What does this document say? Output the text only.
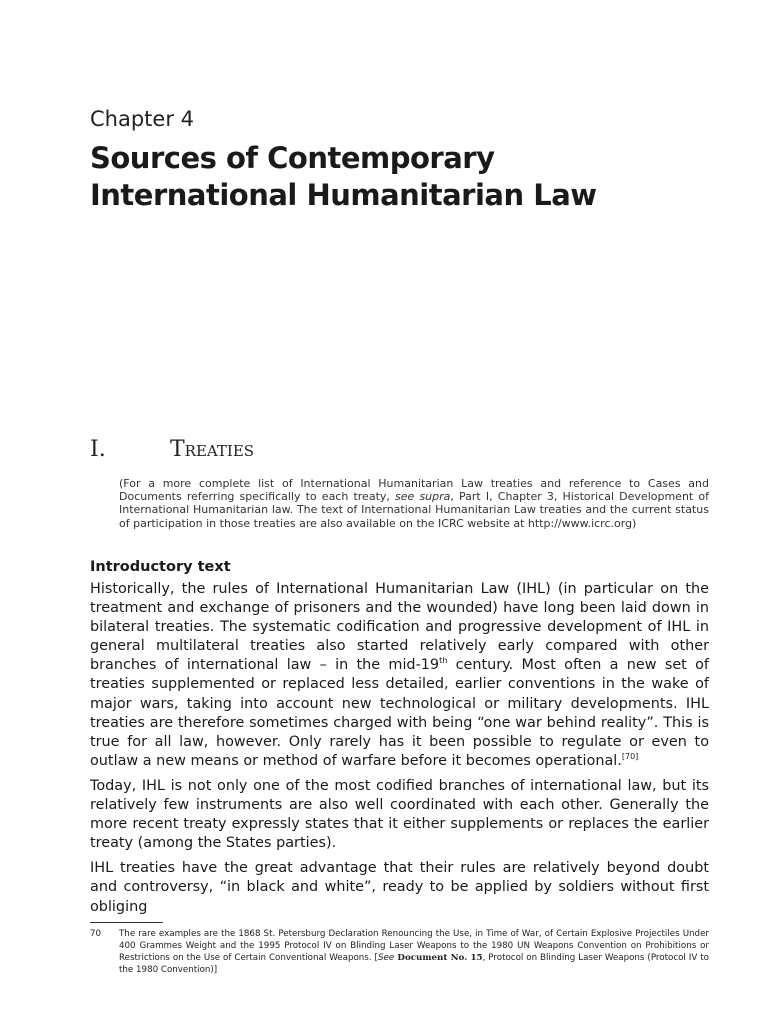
Chapter 4
Sources of Contemporary
International Humanitarian Law
I.	Treaties
(For a more complete list of International Humanitarian Law treaties and reference to Cases and Documents referring specifically to each treaty, see supra, Part I, Chapter 3, Historical Development of International Humanitarian law. The text of International Humanitarian Law treaties and the current status of participation in those treaties are also available on the ICRC website at http://www.icrc.org)
Introductory text

Historically, the rules of International Humanitarian Law (IHL) (in particular on the treatment and exchange of prisoners and the wounded) have long been laid down in bilateral treaties. The systematic codification and progressive development of IHL in general multilateral treaties also started relatively early compared with other branches of international law – in the mid-19th century. Most often a new set of treaties supplemented or replaced less detailed, earlier conventions in the wake of major wars, taking into account new technological or military developments. IHL treaties are therefore sometimes charged with being “one war behind reality”. This is true for all law, however. Only rarely has it been possible to regulate or even to outlaw a new means or method of warfare before it becomes operational.[70]

Today, IHL is not only one of the most codified branches of international law, but its relatively few instruments are also well coordinated with each other. Generally the more recent treaty expressly states that it either supplements or replaces the earlier treaty (among the States parties).

IHL treaties have the great advantage that their rules are relatively beyond doubt and controversy, “in black and white”, ready to be applied by soldiers without first obliging

70 The rare examples are the 1868 St. Petersburg Declaration Renouncing the Use, in Time of War, of Certain Explosive Projectiles Under 400 Grammes Weight and the 1995 Protocol IV on Blinding Laser Weapons to the 1980 UN Weapons Convention on Prohibitions or Restrictions on the Use of Certain Conventional Weapons. [See Document No. 15, Protocol on Blinding Laser Weapons (Protocol IV to the 1980 Convention)]
